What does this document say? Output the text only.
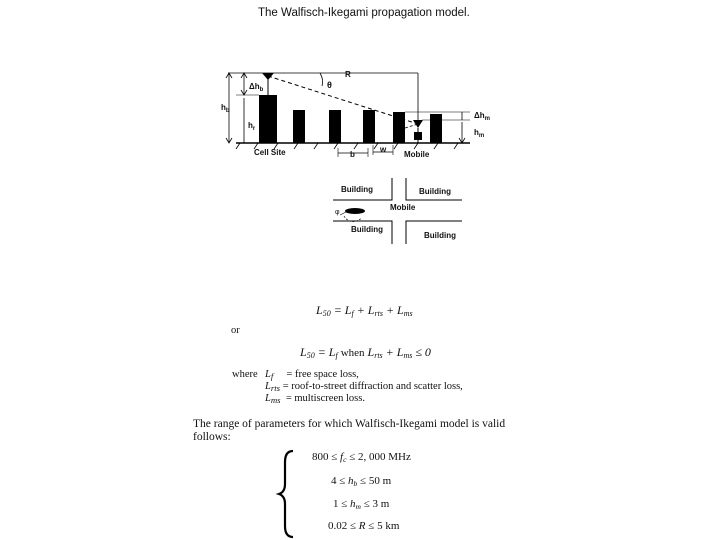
The Walfisch-Ikegami propagation model.
R
θ
$\Delta h_b$
$h_b$
$h_r$
$\Delta h_m$
$h_m$
Cell Site	b
w
Mobile
Building	Building
Building
Building
Mobile
φ
$L_{50} = L_f + L_{rts} + L_{ms}$
or
$L_{50} = L_f$ when $L_{rts} + L_{ms} \le 0$
where $L_f$ = free space loss,
$L_{rts}$ = roof-to-street diffraction and scatter loss,
$L_{ms}$ = multiscreen loss.
The range of parameters for which Walfisch-Ikegami model is valid
follows:
$800 \le f_c \le 2$, 000 MHz
$4 \le h_b \le 50$ m
$1 \le h_m \le 3$ m
0.02 ≤ R ≤ 5 km
